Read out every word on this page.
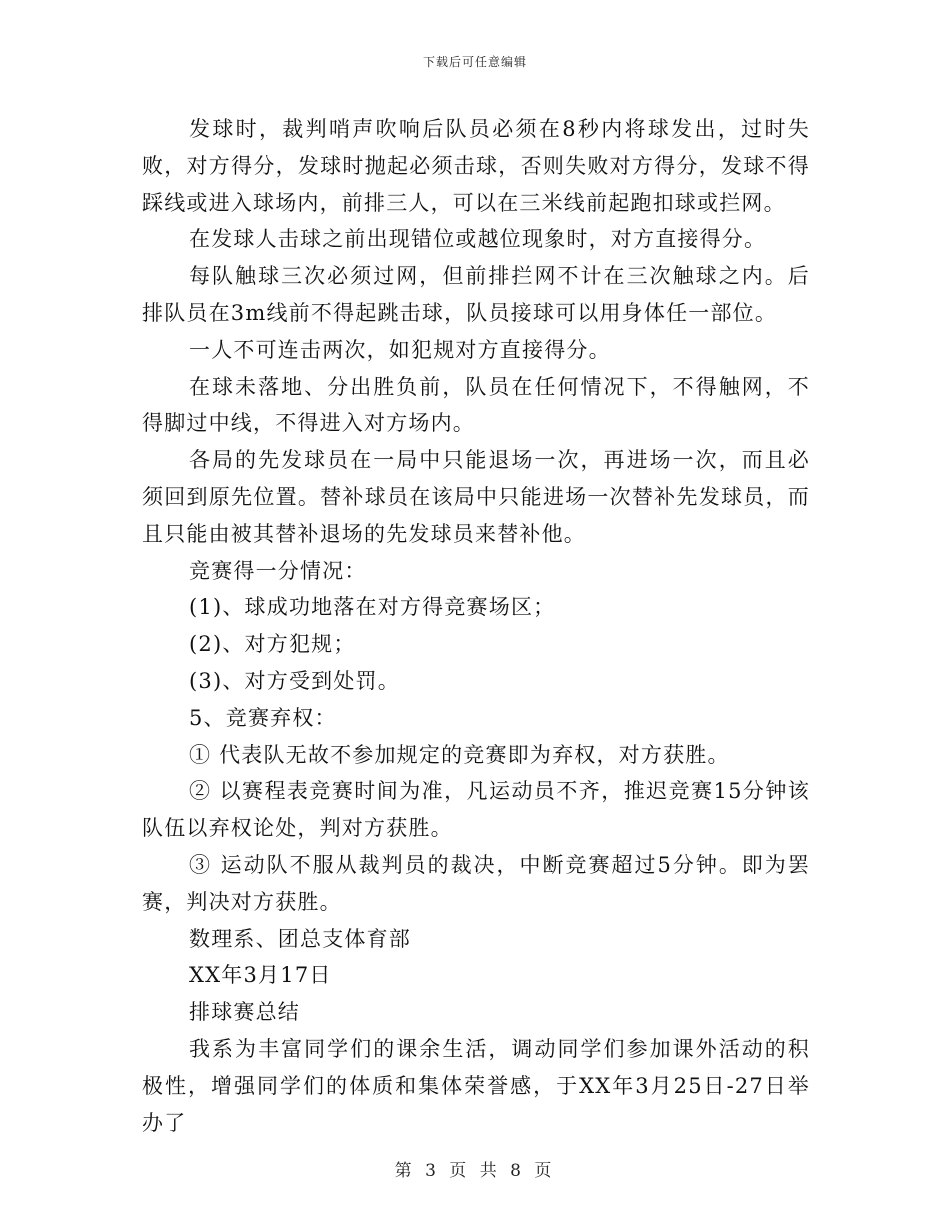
下载后可任意编辑

发球时，裁判哨声吹响后队员必须在8秒内将球发出，过时失败，对方得分，发球时抛起必须击球，否则失败对方得分，发球不得踩线或进入球场内，前排三人，可以在三米线前起跑扣球或拦网。

在发球人击球之前出现错位或越位现象时，对方直接得分。

每队触球三次必须过网，但前排拦网不计在三次触球之内。后排队员在3m线前不得起跳击球，队员接球可以用身体任一部位。

一人不可连击两次，如犯规对方直接得分。

在球未落地、分出胜负前，队员在任何情况下，不得触网，不得脚过中线，不得进入对方场内。

各局的先发球员在一局中只能退场一次，再进场一次，而且必须回到原先位置。替补球员在该局中只能进场一次替补先发球员，而且只能由被其替补退场的先发球员来替补他。

竞赛得一分情况：

(1)、球成功地落在对方得竞赛场区；

(2)、对方犯规；

(3)、对方受到处罚。

5、竞赛弃权：

① 代表队无故不参加规定的竞赛即为弃权，对方获胜。

② 以赛程表竞赛时间为准，凡运动员不齐，推迟竞赛15分钟该队伍以弃权论处，判对方获胜。

③ 运动队不服从裁判员的裁决，中断竞赛超过5分钟。即为罢赛，判决对方获胜。

数理系、团总支体育部

XX年3月17日

排球赛总结

我系为丰富同学们的课余生活，调动同学们参加课外活动的积极性，增强同学们的体质和集体荣誉感，于XX年3月25日-27日举办了

第 3 页 共 8 页
